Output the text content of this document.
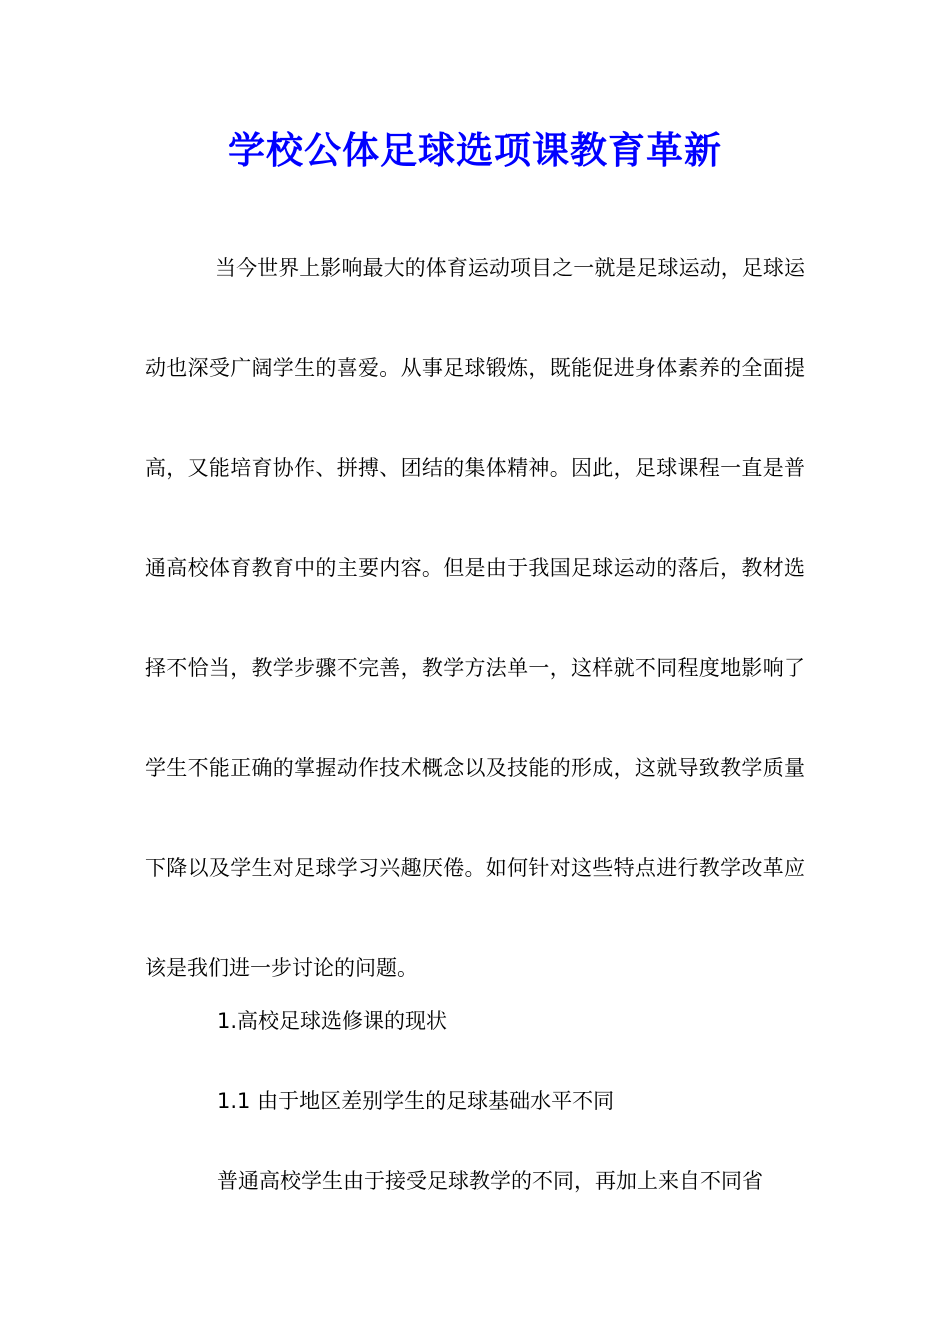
学校公体足球选项课教育革新

当今世界上影响最大的体育运动项目之一就是足球运动，足球运动也深受广阔学生的喜爱。从事足球锻炼，既能促进身体素养的全面提高，又能培育协作、拼搏、团结的集体精神。因此，足球课程一直是普通高校体育教育中的主要内容。但是由于我国足球运动的落后，教材选择不恰当，教学步骤不完善，教学方法单一，这样就不同程度地影响了学生不能正确的掌握动作技术概念以及技能的形成，这就导致教学质量下降以及学生对足球学习兴趣厌倦。如何针对这些特点进行教学改革应该是我们进一步讨论的问题。

1.高校足球选修课的现状
1.1 由于地区差别学生的足球基础水平不同
普通高校学生由于接受足球教学的不同，再加上来自不同省
